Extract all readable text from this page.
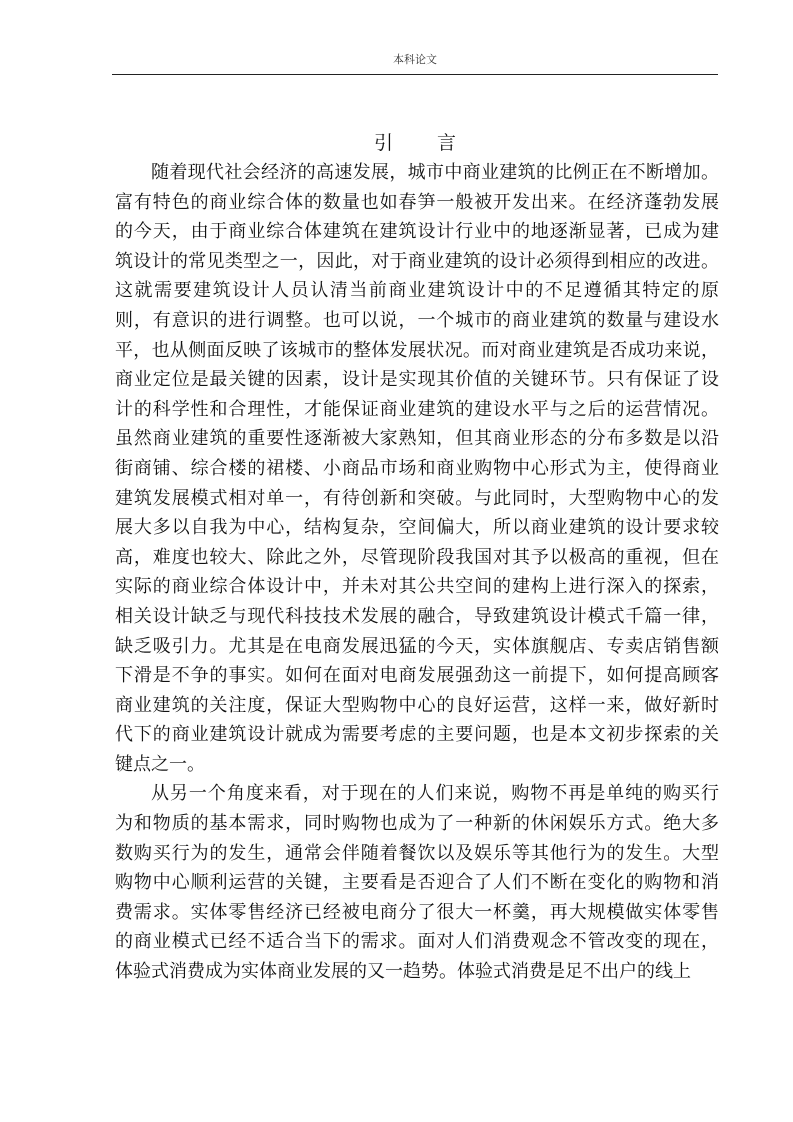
本科论文
引言
随着现代社会经济的高速发展，城市中商业建筑的比例正在不断增加。
富有特色的商业综合体的数量也如春笋一般被开发出来。在经济蓬勃发展
的今天，由于商业综合体建筑在建筑设计行业中的地逐渐显著，已成为建
筑设计的常见类型之一，因此，对于商业建筑的设计必须得到相应的改进。
这就需要建筑设计人员认清当前商业建筑设计中的不足遵循其特定的原
则，有意识的进行调整。也可以说，一个城市的商业建筑的数量与建设水
平，也从侧面反映了该城市的整体发展状况。而对商业建筑是否成功来说，
商业定位是最关键的因素，设计是实现其价值的关键环节。只有保证了设
计的科学性和合理性，才能保证商业建筑的建设水平与之后的运营情况。
虽然商业建筑的重要性逐渐被大家熟知，但其商业形态的分布多数是以沿
街商铺、综合楼的裙楼、小商品市场和商业购物中心形式为主，使得商业
建筑发展模式相对单一，有待创新和突破。与此同时，大型购物中心的发
展大多以自我为中心，结构复杂，空间偏大，所以商业建筑的设计要求较
高，难度也较大、除此之外，尽管现阶段我国对其予以极高的重视，但在
实际的商业综合体设计中，并未对其公共空间的建构上进行深入的探索，
相关设计缺乏与现代科技技术发展的融合，导致建筑设计模式千篇一律，
缺乏吸引力。尤其是在电商发展迅猛的今天，实体旗舰店、专卖店销售额
下滑是不争的事实。如何在面对电商发展强劲这一前提下，如何提高顾客
商业建筑的关注度，保证大型购物中心的良好运营，这样一来，做好新时
代下的商业建筑设计就成为需要考虑的主要问题，也是本文初步探索的关
键点之一。
从另一个角度来看，对于现在的人们来说，购物不再是单纯的购买行
为和物质的基本需求，同时购物也成为了一种新的休闲娱乐方式。绝大多
数购买行为的发生，通常会伴随着餐饮以及娱乐等其他行为的发生。大型
购物中心顺利运营的关键，主要看是否迎合了人们不断在变化的购物和消
费需求。实体零售经济已经被电商分了很大一杯羹，再大规模做实体零售
的商业模式已经不适合当下的需求。面对人们消费观念不管改变的现在，
体验式消费成为实体商业发展的又一趋势。体验式消费是足不出户的线上
